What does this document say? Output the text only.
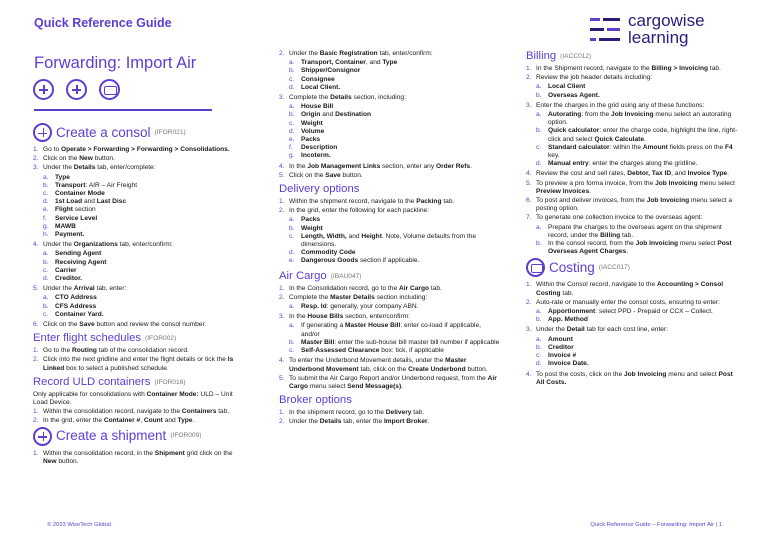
Quick Reference Guide	cargowise
learning
Forwarding: Import Air
Create a consol (IFOR021)
1. Go to Operate > Forwarding > Forwarding > Consolidations.
2. Click on the New button.
3. Under the Details tab, enter/complete:
a. Type
b. Transport: AIR – Air Freight
c.	Container Mode
d. 1st Load and Last Disc
e. Flight section
f.	Service Level
g. MAWB
h. Payment.
4. Under the Organizations tab, enter/confirm:
a. Sending Agent
b. Receiving Agent
c.	Carrier
d. Creditor.
5. Under the Arrival tab, enter:
a. CTO Address
b. CFS Address
c.	Container Yard.
6. Click on the Save button and review the consol number.
Enter flight schedules (IFOR002)
1. Go to the Routing tab of the consolidation record.
2. Click into the next gridline and enter the flight details or tick the Is Linked box to select a published schedule.
Record ULD containers (IFOR016)

Only applicable for consolidations with Container Mode: ULD – Unit Load Device.

1. Within the consolidation record, navigate to the Containers tab.
2. In the grid, enter the Container #, Count and Type.
Create a shipment (IFOR009)
1. Within the consolidation record, in the Shipment grid click on the New button.
2. Under the Basic Registration tab, enter/confirm:
a. Transport, Container, and Type
b. Shipper/Consignor
c.	Consignee
d. Local Client.
3. Complete the Details section, including:
a. House Bill
b. Origin and Destination
c.	Weight
d. Volume
e. Packs
f.	Description
g. Incoterm.
4. In the Job Management Links section, enter any Order Refs.
5. Click on the Save button.
Delivery options
1. Within the shipment record, navigate to the Packing tab.
2. In the grid, enter the following for each packline:
a. Packs
b. Weight
c.	Length, Width, and Height. Note, Volume defaults from the dimensions.
d. Commodity Code
e. Dangerous Goods section if applicable.
Air Cargo (IBAU047)
1. In the Consolidation record, go to the Air Cargo tab.
2. Complete the Master Details section including:
a. Resp. Id: generally, your company ABN.
3. In the House Bills section, enter/confirm:
a. If generating a Master House Bill: enter co-load if applicable, and/or
b. Master Bill: enter the sub-house bill master bill number if applicable
c.	Self-Assessed Clearance box: tick, if applicable
4. To enter the Underbond Movement details, under the Master Underbond Movement tab, click on the Create Underbond button.
5. To submit the Air Cargo Report and/or Underbond request, from the Air Cargo menu select Send Message(s).
Broker options
1. In the shipment record, go to the Delivery tab.
2. Under the Details tab, enter the Import Broker.
Billing (IACC012)
1. In the Shipment record, navigate to the Billing > Invoicing tab.
2. Review the job header details including:
a. Local Client
b. Overseas Agent.
3. Enter the charges in the grid using any of these functions:
a. Autorating: from the Job Invoicing menu select an autorating option.
b. Quick calculator: enter the charge code, highlight the line, right-click and select Quick Calculate.
c.	Standard calculator: within the Amount fields press on the F4 key.
d. Manual entry: enter the charges along the gridline.
4. Review the cost and sell rates, Debtor, Tax ID, and Invoice Type.
5. To preview a pro forma invoice, from the Job Invoicing menu select Preview Invoices.
6. To post and deliver invoices, from the Job Invoicing menu select a posting option.
7. To generate one collection invoice to the overseas agent:
a. Prepare the charges to the overseas agent on the shipment record, under the Billing tab.
b. In the consol record, from the Job Invoicing menu select Post Overseas Agent Charges.
Costing (IACC017)
1. Within the Consol record, navigate to the Accounting > Consol Costing tab.
2. Auto-rate or manually enter the consol costs, ensuring to enter:
a. Apportionment: select PPD - Prepaid or CCX – Collect.
b. App. Method
3. Under the Detail tab for each cost line, enter:
a. Amount
b. Creditor
c.	Invoice #
d. Invoice Date.
4. To post the costs, click on the Job Invoicing menu and select Post All Costs.
© 2023 WiseTech Global	Quick Reference Guide – Forwarding: Import Air | 1
